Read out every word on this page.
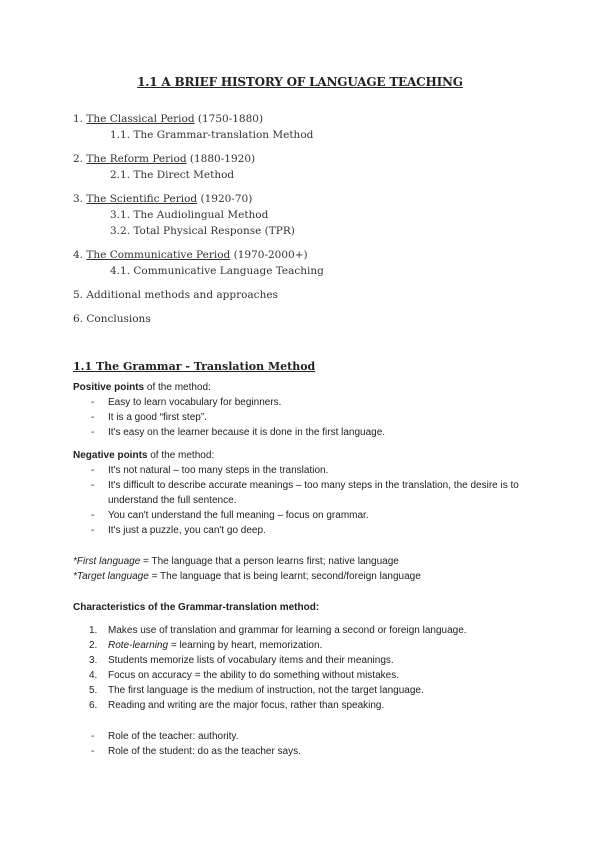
1.1 A BRIEF HISTORY OF LANGUAGE TEACHING

1. The Classical Period (1750-1880)

1.1. The Grammar-translation Method

2. The Reform Period (1880-1920)

2.1. The Direct Method

3. The Scientific Period (1920-70)

3.1. The Audiolingual Method

3.2. Total Physical Response (TPR)

4. The Communicative Period (1970-2000+)

4.1. Communicative Language Teaching

5. Additional methods and approaches

6. Conclusions

1.1 The Grammar - Translation Method

Positive points of the method:

- Easy to learn vocabulary for beginners.
- It is a good “first step”.
- It's easy on the learner because it is done in the first language.

Negative points of the method:

- It's not natural – too many steps in the translation.
- It's difficult to describe accurate meanings – too many steps in the translation, the desire is to understand the full sentence.
- You can't understand the full meaning – focus on grammar.
- It's just a puzzle, you can't go deep.

*First language = The language that a person learns first; native language

*Target language = The language that is being learnt; second/foreign language

Characteristics of the Grammar-translation method:

1. Makes use of translation and grammar for learning a second or foreign language.
2. Rote-learning = learning by heart, memorization.
3. Students memorize lists of vocabulary items and their meanings.
4. Focus on accuracy = the ability to do something without mistakes.
5. The first language is the medium of instruction, not the target language.
6. Reading and writing are the major focus, rather than speaking.
- Role of the teacher: authority.
- Role of the student: do as the teacher says.
